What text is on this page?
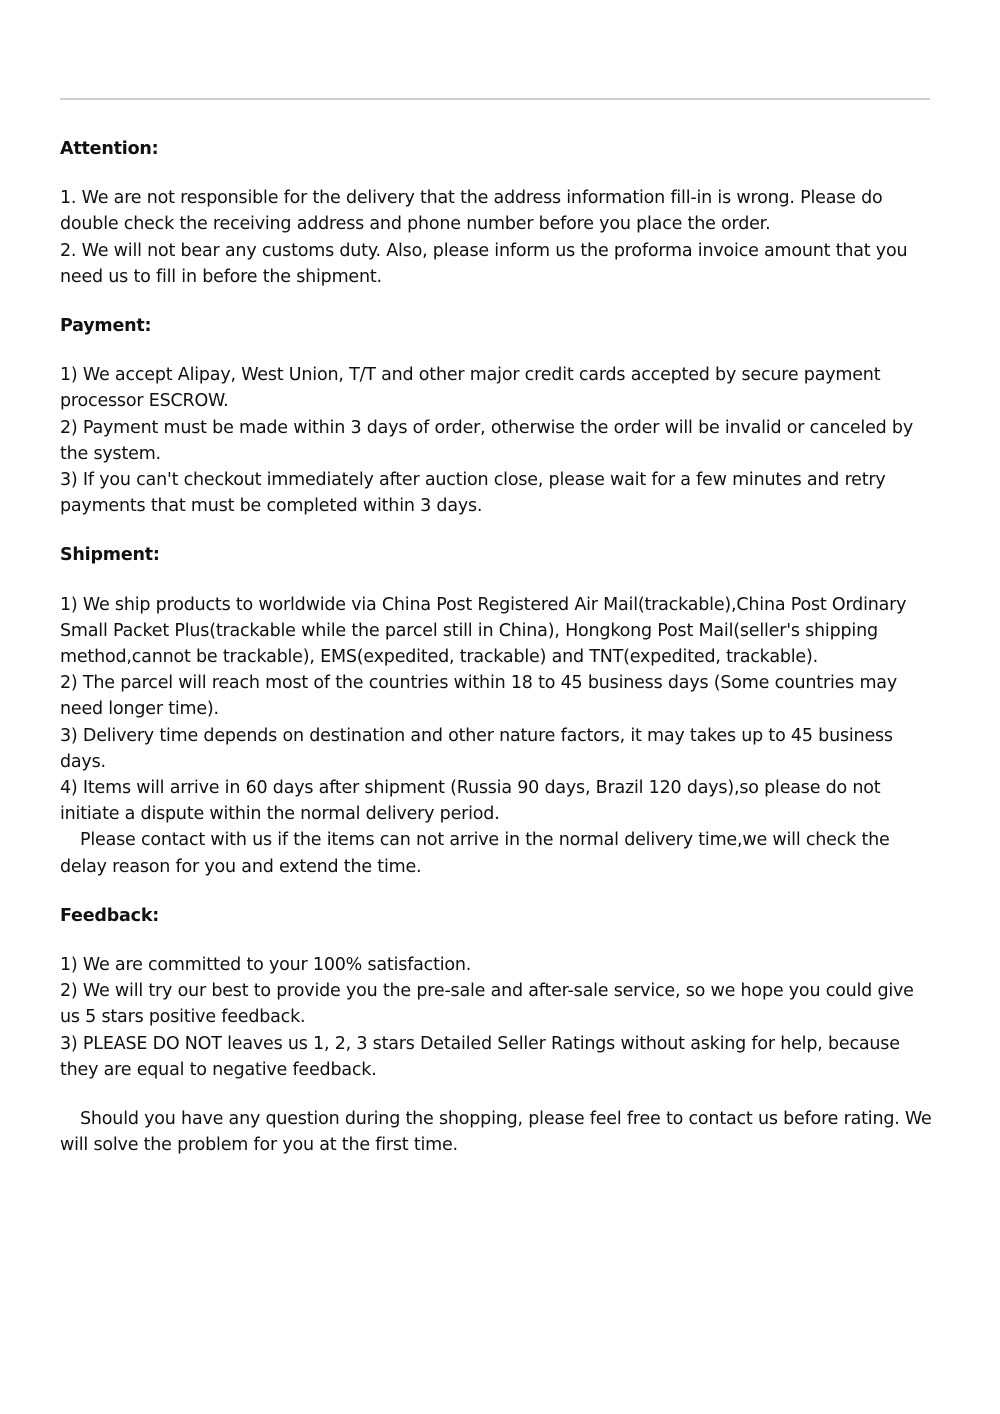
Attention:

1. We are not responsible for the delivery that the address information fill-in is wrong. Please do double check the receiving address and phone number before you place the order.

2. We will not bear any customs duty. Also, please inform us the proforma invoice amount that you need us to fill in before the shipment.

Payment:

1) We accept Alipay, West Union, T/T and other major credit cards accepted by secure payment processor ESCROW.

2) Payment must be made within 3 days of order, otherwise the order will be invalid or canceled by the system.

3) If you can't checkout immediately after auction close, please wait for a few minutes and retry payments that must be completed within 3 days.

Shipment:

1) We ship products to worldwide via China Post Registered Air Mail(trackable),China Post Ordinary Small Packet Plus(trackable while the parcel still in China), Hongkong Post Mail(seller's shipping method,cannot be trackable), EMS(expedited, trackable) and TNT(expedited, trackable).

2) The parcel will reach most of the countries within 18 to 45 business days (Some countries may need longer time).

3) Delivery time depends on destination and other nature factors, it may takes up to 45 business days.

4) Items will arrive in 60 days after shipment (Russia 90 days, Brazil 120 days),so please do not initiate a dispute within the normal delivery period.

Please contact with us if the items can not arrive in the normal delivery time,we will check the delay reason for you and extend the time.

Feedback:

1) We are committed to your 100% satisfaction.

2) We will try our best to provide you the pre-sale and after-sale service, so we hope you could give us 5 stars positive feedback.

3) PLEASE DO NOT leaves us 1, 2, 3 stars Detailed Seller Ratings without asking for help, because they are equal to negative feedback.

Should you have any question during the shopping, please feel free to contact us before rating. We will solve the problem for you at the first time.
